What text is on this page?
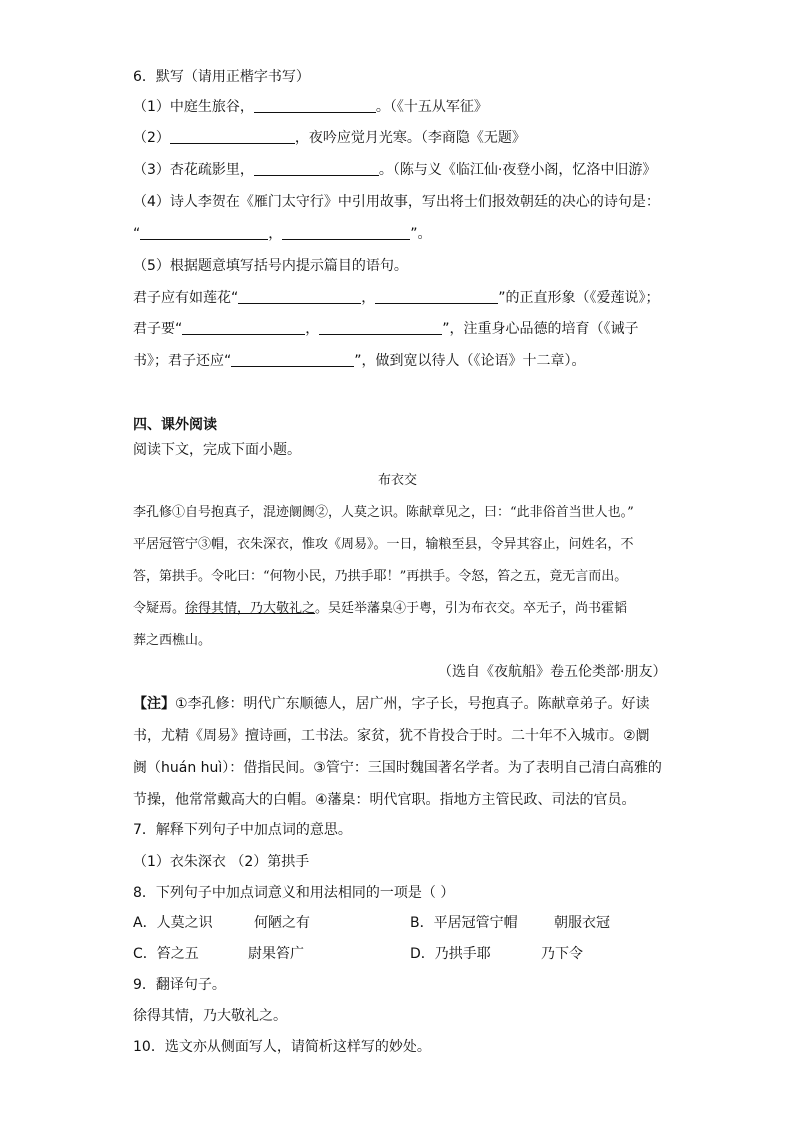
6．默写（请用正楷字书写）
（1）中庭生旅谷，	。（《十五从军征》
（2）	，夜吟应觉月光寒。（李商隐《无题》
（3）杏花疏影里，	。（陈与义《临江仙·夜登小阁，忆洛中旧游》
（4）诗人李贺在《雁门太守行》中引用故事，写出将士们报效朝廷的决心的诗句是：
“	，	”。
（5）根据题意填写括号内提示篇目的语句。
君子应有如莲花“	，	”的正直形象（《爱莲说》；
君子要“	，	”，注重身心品德的培育（《诫子
书》；君子还应“	”，做到宽以待人（《论语》十二章）。
四、课外阅读
阅读下文，完成下面小题。
布衣交
李孔修①自号抱真子，混迹阛阓②，人莫之识。陈献章见之，曰：“此非俗首当世人也。”
平居冠管宁③帽，衣朱深衣，惟攻《周易》。一日，输粮至县，令异其容止，问姓名，不
答，第拱手。令叱曰：“何物小民，乃拱手耶！”再拱手。令怒，笞之五，竟无言而出。
令疑焉。徐得其情，乃大敬礼之。吴廷举藩臬④于粤，引为布衣交。卒无子，尚书霍韬
葬之西樵山。
（选自《夜航船》卷五伦类部·朋友）
【注】①李孔修：明代广东顺德人，居广州，字子长，号抱真子。陈献章弟子。好读
书，尤精《周易》擅诗画，工书法。家贫，犹不肯投合于时。二十年不入城市。②阛
阓（huán huì）：借指民间。③管宁：三国时魏国著名学者。为了表明自己清白高雅的
节操，他常常戴高大的白帽。④藩臬：明代官职。指地方主管民政、司法的官员。
7．解释下列句子中加点词的意思。
（1）衣朱深衣 （2）第拱手
8．下列句子中加点词意义和用法相同的一项是（ ）
A．人莫之识	何陋之有	B．平居冠管宁帽	朝服衣冠
C．笞之五	尉果笞广	D．乃拱手耶	乃下令
9．翻译句子。
徐得其情，乃大敬礼之。
10．选文亦从侧面写人，请简析这样写的妙处。
